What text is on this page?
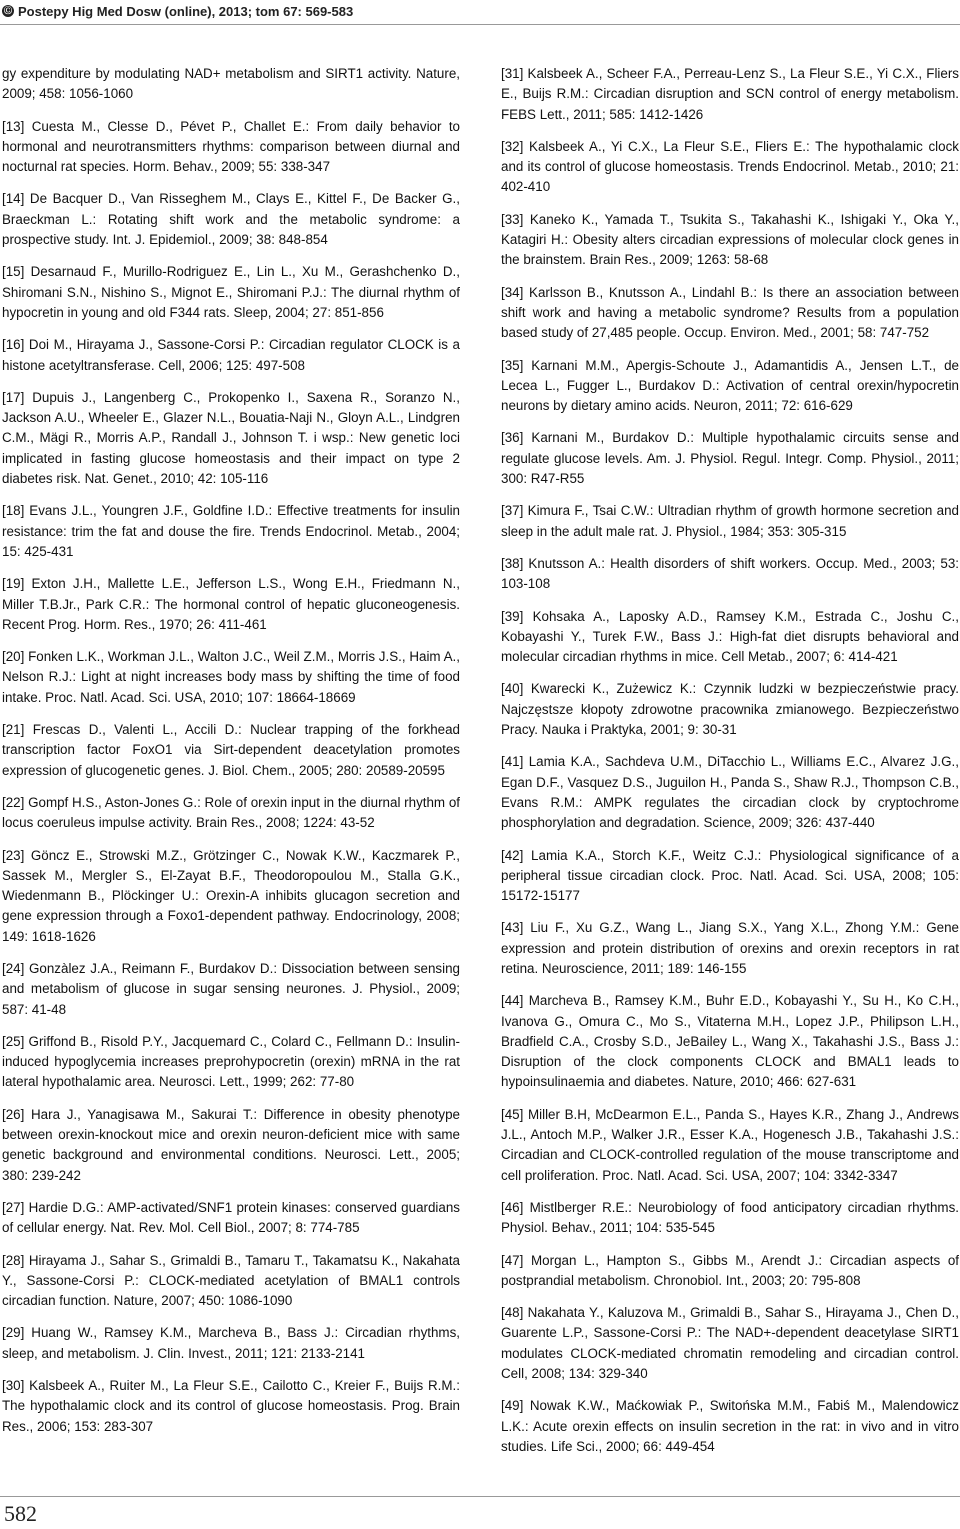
Ⓒ Postepy Hig Med Dosw (online), 2013; tom 67: 569-583

gy expenditure by modulating NAD+ metabolism and SIRT1 activity. Nature, 2009; 458: 1056-1060

[13] Cuesta M., Clesse D., Pévet P., Challet E.: From daily behavior to hormonal and neurotransmitters rhythms: comparison between diurnal and nocturnal rat species. Horm. Behav., 2009; 55: 338-347

[14] De Bacquer D., Van Risseghem M., Clays E., Kittel F., De Backer G., Braeckman L.: Rotating shift work and the metabolic syndrome: a prospective study. Int. J. Epidemiol., 2009; 38: 848-854

[15] Desarnaud F., Murillo-Rodriguez E., Lin L., Xu M., Gerashchenko D., Shiromani S.N., Nishino S., Mignot E., Shiromani P.J.: The diurnal rhythm of hypocretin in young and old F344 rats. Sleep, 2004; 27: 851-856

[16] Doi M., Hirayama J., Sassone-Corsi P.: Circadian regulator CLOCK is a histone acetyltransferase. Cell, 2006; 125: 497-508

[17] Dupuis J., Langenberg C., Prokopenko I., Saxena R., Soranzo N., Jackson A.U., Wheeler E., Glazer N.L., Bouatia-Naji N., Gloyn A.L., Lindgren C.M., Mägi R., Morris A.P., Randall J., Johnson T. i wsp.: New genetic loci implicated in fasting glucose homeostasis and their impact on type 2 diabetes risk. Nat. Genet., 2010; 42: 105-116

[18] Evans J.L., Youngren J.F., Goldfine I.D.: Effective treatments for insulin resistance: trim the fat and douse the fire. Trends Endocrinol. Metab., 2004; 15: 425-431

[19] Exton J.H., Mallette L.E., Jefferson L.S., Wong E.H., Friedmann N., Miller T.B.Jr., Park C.R.: The hormonal control of hepatic gluconeogenesis. Recent Prog. Horm. Res., 1970; 26: 411-461

[20] Fonken L.K., Workman J.L., Walton J.C., Weil Z.M., Morris J.S., Haim A., Nelson R.J.: Light at night increases body mass by shifting the time of food intake. Proc. Natl. Acad. Sci. USA, 2010; 107: 18664-18669

[21] Frescas D., Valenti L., Accili D.: Nuclear trapping of the forkhead transcription factor FoxO1 via Sirt-dependent deacetylation promotes expression of glucogenetic genes. J. Biol. Chem., 2005; 280: 20589-20595

[22] Gompf H.S., Aston-Jones G.: Role of orexin input in the diurnal rhythm of locus coeruleus impulse activity. Brain Res., 2008; 1224: 43-52

[23] Göncz E., Strowski M.Z., Grötzinger C., Nowak K.W., Kaczmarek P., Sassek M., Mergler S., El-Zayat B.F., Theodoropoulou M., Stalla G.K., Wiedenmann B., Plöckinger U.: Orexin-A inhibits glucagon secretion and gene expression through a Foxo1-dependent pathway. Endocrinology, 2008; 149: 1618-1626

[24] Gonzàlez J.A., Reimann F., Burdakov D.: Dissociation between sensing and metabolism of glucose in sugar sensing neurones. J. Physiol., 2009; 587: 41-48

[25] Griffond B., Risold P.Y., Jacquemard C., Colard C., Fellmann D.: Insulin-induced hypoglycemia increases preprohypocretin (orexin) mRNA in the rat lateral hypothalamic area. Neurosci. Lett., 1999; 262: 77-80

[26] Hara J., Yanagisawa M., Sakurai T.: Difference in obesity phenotype between orexin-knockout mice and orexin neuron-deficient mice with same genetic background and environmental conditions. Neurosci. Lett., 2005; 380: 239-242

[27] Hardie D.G.: AMP-activated/SNF1 protein kinases: conserved guardians of cellular energy. Nat. Rev. Mol. Cell Biol., 2007; 8: 774-785

[28] Hirayama J., Sahar S., Grimaldi B., Tamaru T., Takamatsu K., Nakahata Y., Sassone-Corsi P.: CLOCK-mediated acetylation of BMAL1 controls circadian function. Nature, 2007; 450: 1086-1090

[29] Huang W., Ramsey K.M., Marcheva B., Bass J.: Circadian rhythms, sleep, and metabolism. J. Clin. Invest., 2011; 121: 2133-2141

[30] Kalsbeek A., Ruiter M., La Fleur S.E., Cailotto C., Kreier F., Buijs R.M.: The hypothalamic clock and its control of glucose homeostasis. Prog. Brain Res., 2006; 153: 283-307

[31] Kalsbeek A., Scheer F.A., Perreau-Lenz S., La Fleur S.E., Yi C.X., Fliers E., Buijs R.M.: Circadian disruption and SCN control of energy metabolism. FEBS Lett., 2011; 585: 1412-1426

[32] Kalsbeek A., Yi C.X., La Fleur S.E., Fliers E.: The hypothalamic clock and its control of glucose homeostasis. Trends Endocrinol. Metab., 2010; 21: 402-410

[33] Kaneko K., Yamada T., Tsukita S., Takahashi K., Ishigaki Y., Oka Y., Katagiri H.: Obesity alters circadian expressions of molecular clock genes in the brainstem. Brain Res., 2009; 1263: 58-68

[34] Karlsson B., Knutsson A., Lindahl B.: Is there an association between shift work and having a metabolic syndrome? Results from a population based study of 27,485 people. Occup. Environ. Med., 2001; 58: 747-752

[35] Karnani M.M., Apergis-Schoute J., Adamantidis A., Jensen L.T., de Lecea L., Fugger L., Burdakov D.: Activation of central orexin/hypocretin neurons by dietary amino acids. Neuron, 2011; 72: 616-629

[36] Karnani M., Burdakov D.: Multiple hypothalamic circuits sense and regulate glucose levels. Am. J. Physiol. Regul. Integr. Comp. Physiol., 2011; 300: R47-R55

[37] Kimura F., Tsai C.W.: Ultradian rhythm of growth hormone secretion and sleep in the adult male rat. J. Physiol., 1984; 353: 305-315

[38] Knutsson A.: Health disorders of shift workers. Occup. Med., 2003; 53: 103-108

[39] Kohsaka A., Laposky A.D., Ramsey K.M., Estrada C., Joshu C., Kobayashi Y., Turek F.W., Bass J.: High-fat diet disrupts behavioral and molecular circadian rhythms in mice. Cell Metab., 2007; 6: 414-421

[40] Kwarecki K., Zużewicz K.: Czynnik ludzki w bezpieczeństwie pracy. Najczęstsze kłopoty zdrowotne pracownika zmianowego. Bezpieczeństwo Pracy. Nauka i Praktyka, 2001; 9: 30-31

[41] Lamia K.A., Sachdeva U.M., DiTacchio L., Williams E.C., Alvarez J.G., Egan D.F., Vasquez D.S., Juguilon H., Panda S., Shaw R.J., Thompson C.B., Evans R.M.: AMPK regulates the circadian clock by cryptochrome phosphorylation and degradation. Science, 2009; 326: 437-440

[42] Lamia K.A., Storch K.F., Weitz C.J.: Physiological significance of a peripheral tissue circadian clock. Proc. Natl. Acad. Sci. USA, 2008; 105: 15172-15177

[43] Liu F., Xu G.Z., Wang L., Jiang S.X., Yang X.L., Zhong Y.M.: Gene expression and protein distribution of orexins and orexin receptors in rat retina. Neuroscience, 2011; 189: 146-155

[44] Marcheva B., Ramsey K.M., Buhr E.D., Kobayashi Y., Su H., Ko C.H., Ivanova G., Omura C., Mo S., Vitaterna M.H., Lopez J.P., Philipson L.H., Bradfield C.A., Crosby S.D., JeBailey L., Wang X., Takahashi J.S., Bass J.: Disruption of the clock components CLOCK and BMAL1 leads to hypoinsulinaemia and diabetes. Nature, 2010; 466: 627-631

[45] Miller B.H, McDearmon E.L., Panda S., Hayes K.R., Zhang J., Andrews J.L., Antoch M.P., Walker J.R., Esser K.A., Hogenesch J.B., Takahashi J.S.: Circadian and CLOCK-controlled regulation of the mouse transcriptome and cell proliferation. Proc. Natl. Acad. Sci. USA, 2007; 104: 3342-3347

[46] Mistlberger R.E.: Neurobiology of food anticipatory circadian rhythms. Physiol. Behav., 2011; 104: 535-545

[47] Morgan L., Hampton S., Gibbs M., Arendt J.: Circadian aspects of postprandial metabolism. Chronobiol. Int., 2003; 20: 795-808

[48] Nakahata Y., Kaluzova M., Grimaldi B., Sahar S., Hirayama J., Chen D., Guarente L.P., Sassone-Corsi P.: The NAD+-dependent deacetylase SIRT1 modulates CLOCK-mediated chromatin remodeling and circadian control. Cell, 2008; 134: 329-340

[49] Nowak K.W., Maćkowiak P., Switońska M.M., Fabiś M., Malendowicz L.K.: Acute orexin effects on insulin secretion in the rat: in vivo and in vitro studies. Life Sci., 2000; 66: 449-454

582
